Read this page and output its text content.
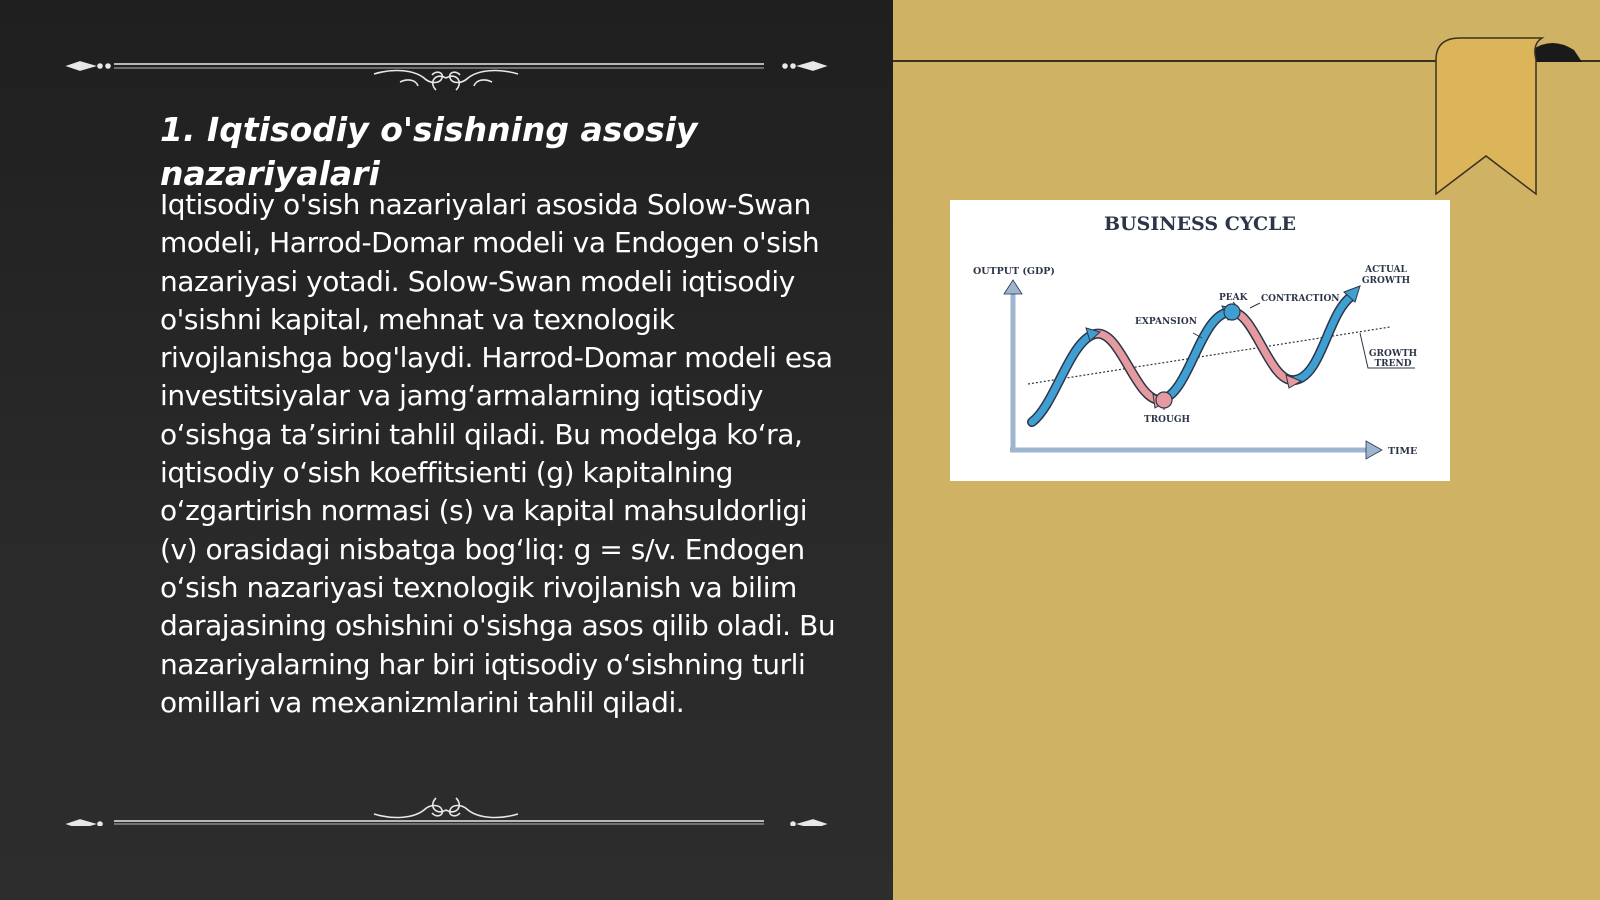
1. Iqtisodiy o'sishning asosiy nazariyalari

Iqtisodiy o'sish nazariyalari asosida Solow-Swan modeli, Harrod-Domar modeli va Endogen o'sish nazariyasi yotadi. Solow-Swan modeli iqtisodiy o'sishni kapital, mehnat va texnologik rivojlanishga bog'laydi. Harrod-Domar modeli esa investitsiyalar va jamg‘armalarning iqtisodiy o‘sishga ta’sirini tahlil qiladi. Bu modelga ko‘ra, iqtisodiy o‘sish koeffitsienti (g) kapitalning o‘zgartirish normasi (s) va kapital mahsuldorligi (v) orasidagi nisbatga bog‘liq: g = s/v. Endogen o‘sish nazariyasi texnologik rivojlanish va bilim darajasining oshishini o'sishga asos qilib oladi. Bu nazariyalarning har biri iqtisodiy o‘sishning turli omillari va mexanizmlarini tahlil qiladi.

BUSINESS CYCLE
OUTPUT (GDP)
TIME
EXPANSION
PEAK CONTRACTION
TROUGH
ACTUAL
GROWTH
GROWTH
TREND
